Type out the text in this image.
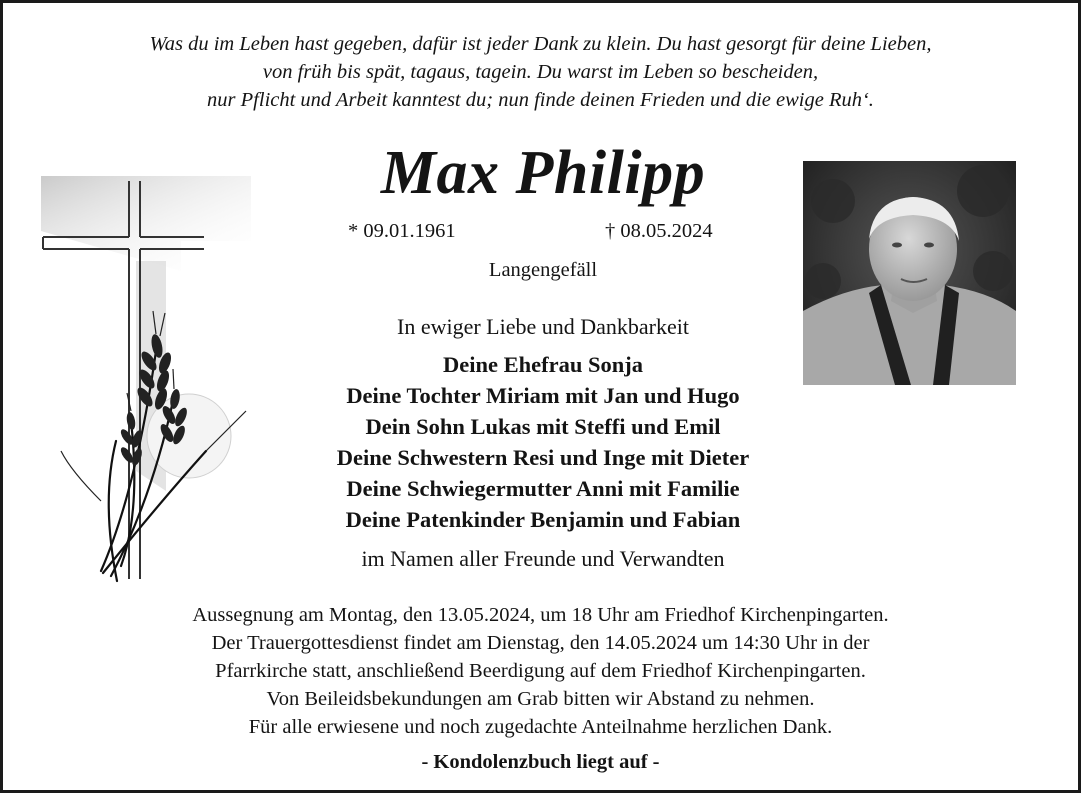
Was du im Leben hast gegeben, dafür ist jeder Dank zu klein. Du hast gesorgt für deine Lieben,
von früh bis spät, tagaus, tagein. Du warst im Leben so bescheiden,
nur Pflicht und Arbeit kanntest du; nun finde deinen Frieden und die ewige Ruh‘.
Max Philipp
* 09.01.1961	† 08.05.2024
Langengefäll
In ewiger Liebe und Dankbarkeit
Deine Ehefrau Sonja
Deine Tochter Miriam mit Jan und Hugo
Dein Sohn Lukas mit Steffi und Emil
Deine Schwestern Resi und Inge mit Dieter
Deine Schwiegermutter Anni mit Familie
Deine Patenkinder Benjamin und Fabian
im Namen aller Freunde und Verwandten
Aussegnung am Montag, den 13.05.2024, um 18 Uhr am Friedhof Kirchenpingarten.
Der Trauergottesdienst findet am Dienstag, den 14.05.2024 um 14:30 Uhr in der
Pfarrkirche statt, anschließend Beerdigung auf dem Friedhof Kirchenpingarten.
Von Beileidsbekundungen am Grab bitten wir Abstand zu nehmen.
Für alle erwiesene und noch zugedachte Anteilnahme herzlichen Dank.
- Kondolenzbuch liegt auf -
